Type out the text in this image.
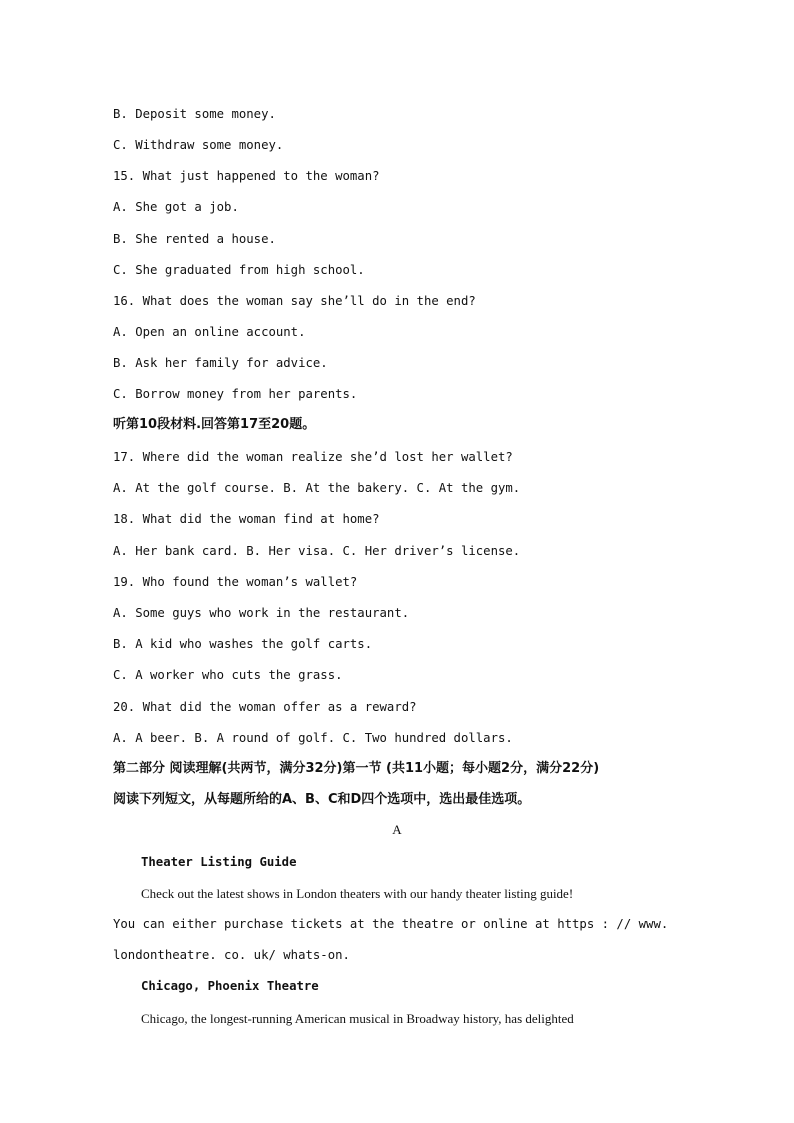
B. Deposit some money.

C. Withdraw some money.

15. What just happened to the woman?

A. She got a job.

B. She rented a house.

C. She graduated from high school.

16. What does the woman say she’ll do in the end?

A. Open an online account.

B. Ask her family for advice.

C. Borrow money from her parents.

听第10段材料.回答第17至20题。

17. Where did the woman realize she’d lost her wallet?

A. At the golf course. B. At the bakery. C. At the gym.

18. What did the woman find at home?

A. Her bank card. B. Her visa. C. Her driver’s license.

19. Who found the woman’s wallet?

A. Some guys who work in the restaurant.

B. A kid who washes the golf carts.

C. A worker who cuts the grass.

20. What did the woman offer as a reward?

A. A beer. B. A round of golf. C. Two hundred dollars.

第二部分 阅读理解(共两节，满分32分)第一节 (共11小题；每小题2分，满分22分)

阅读下列短文，从每题所给的A、B、C和D四个选项中，选出最佳选项。

A

Theater Listing Guide

Check out the latest shows in London theaters with our handy theater listing guide!

You can either purchase tickets at the theatre or online at https : // www.

londontheatre. co. uk/ whats-on.

Chicago, Phoenix Theatre

Chicago, the longest-running American musical in Broadway history, has delighted
